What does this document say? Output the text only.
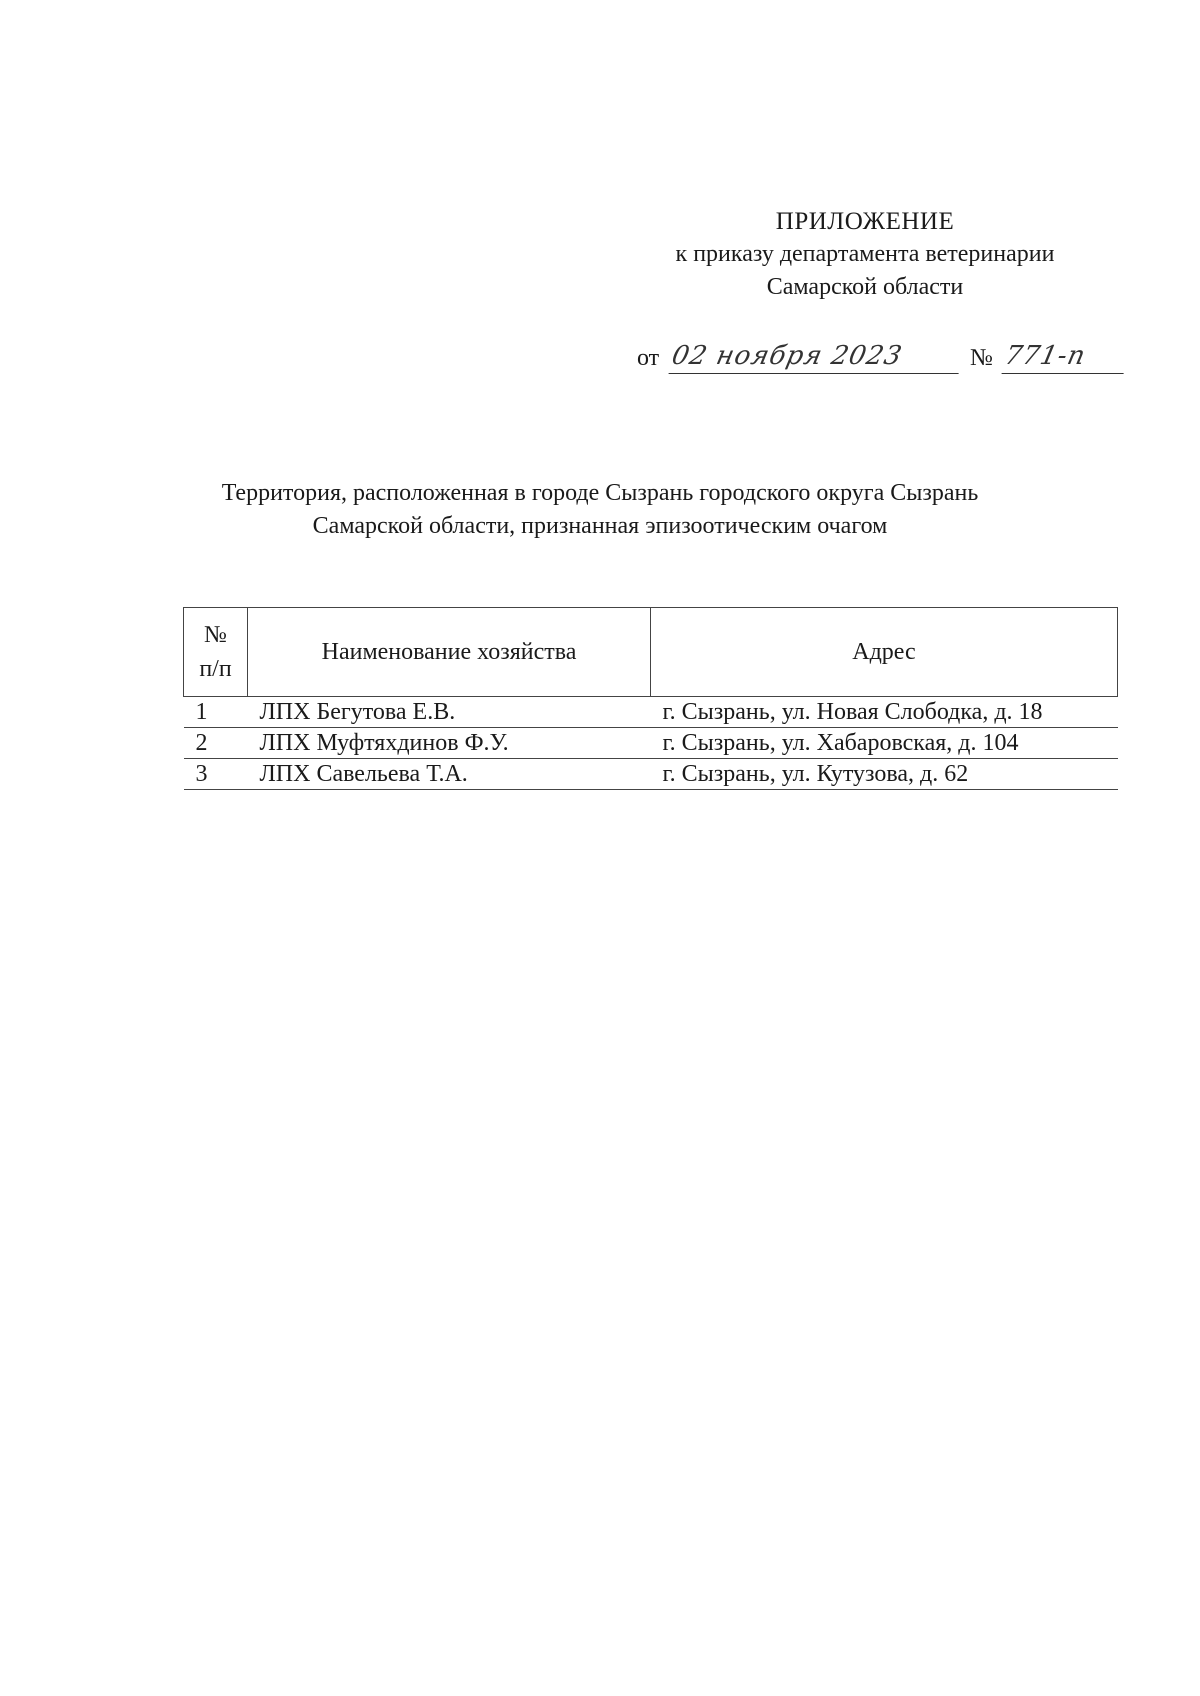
ПРИЛОЖЕНИЕ
к приказу департамента ветеринарии
Самарской области
от 02 ноября 2023	№ 771-п
Территория, расположенная в городе Сызрань городского округа Сызрань
Самарской области, признанная эпизоотическим очагом
№
п/п	Наименование хозяйства	Адрес
1	ЛПХ Бегутова Е.В.	г. Сызрань, ул. Новая Слободка, д. 18
2	ЛПХ Муфтяхдинов Ф.У.	г. Сызрань, ул. Хабаровская, д. 104
3	ЛПХ Савельева Т.А.	г. Сызрань, ул. Кутузова, д. 62
